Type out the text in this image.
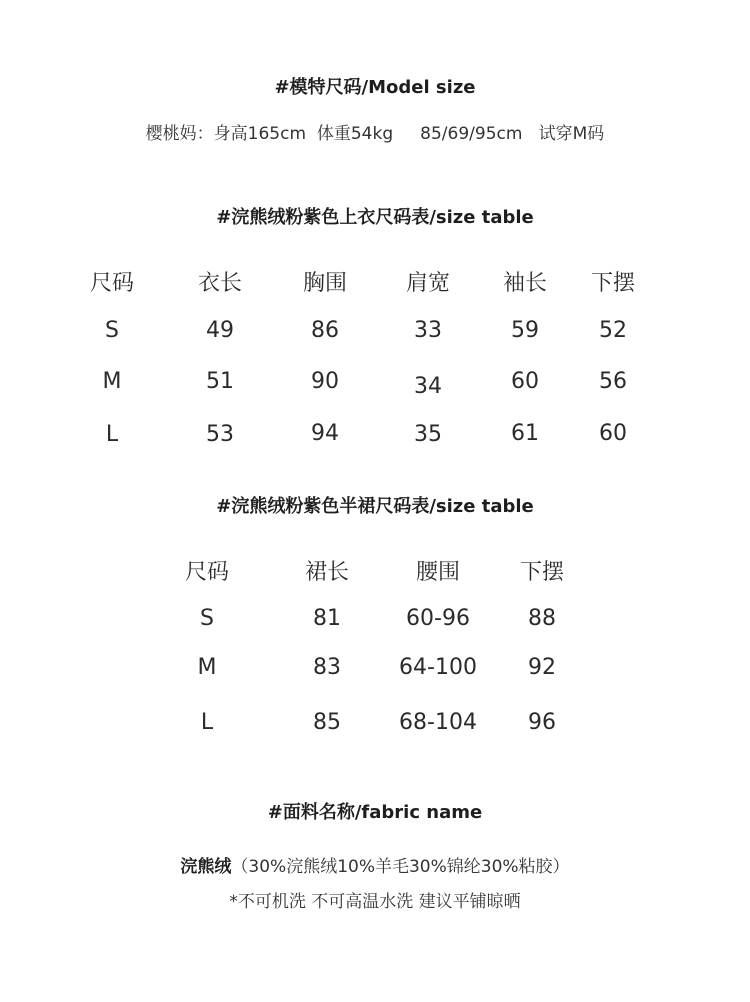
#模特尺码/Model size
樱桃妈：身高165cm 体重54kg 85/69/95cm 试穿M码
#浣熊绒粉紫色上衣尺码表/size table
尺码	衣长	胸围	肩宽 袖长 下摆
S	49	86	33	59	52
M	51	90	34	60	56
L	53	94	35	61	60
#浣熊绒粉紫色半裙尺码表/size table
尺码	裙长	腰围	下摆
S	81	60-96	88
M	83	64-100 92
L	85	68-104 96
#面料名称/fabric name
浣熊绒（30%浣熊绒10%羊毛30%锦纶30%粘胶）
*不可机洗 不可高温水洗 建议平铺晾晒
